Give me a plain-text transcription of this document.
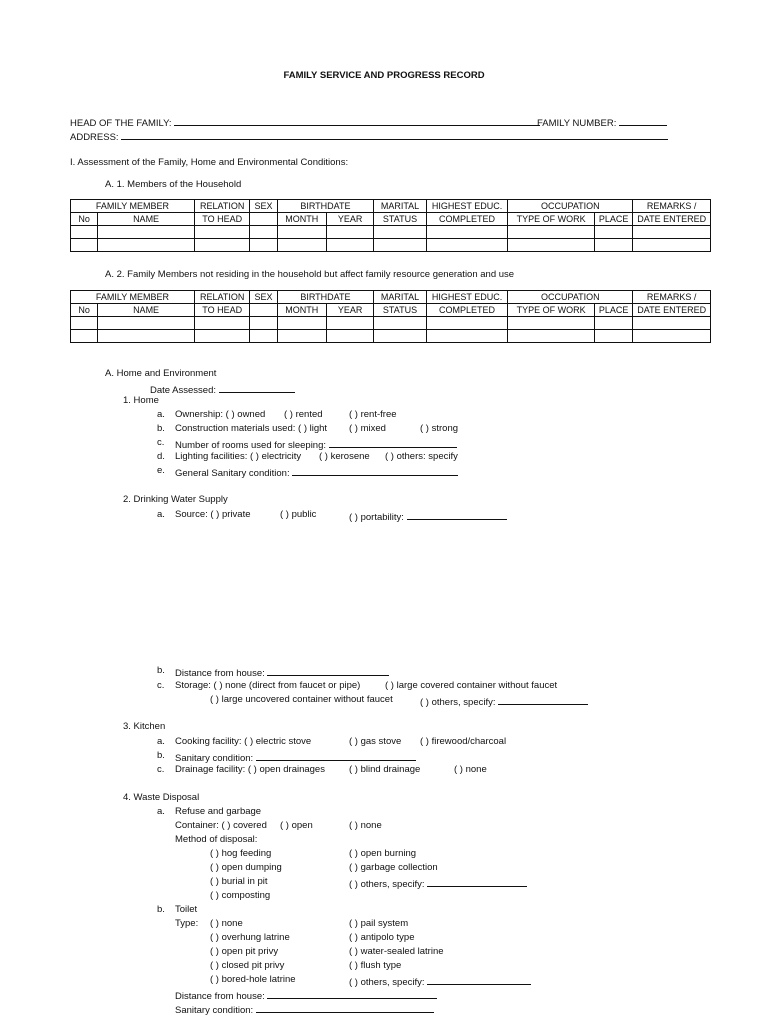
FAMILY SERVICE AND PROGRESS RECORD
HEAD OF THE FAMILY:	FAMILY NUMBER:
ADDRESS:
I. Assessment of the Family, Home and Environmental Conditions:
A. 1. Members of the Household
FAMILY MEMBER		RELATION	SEX	BIRTHDATE		MARITAL	HIGHEST EDUC.	OCCUPATION		REMARKS /
No	NAME	TO HEAD		MONTH	YEAR	STATUS	COMPLETED	TYPE OF WORK	PLACE	DATE ENTERED

A. 2. Family Members not residing in the household but affect family resource generation and use
FAMILY MEMBER		RELATION	SEX	BIRTHDATE		MARITAL	HIGHEST EDUC.	OCCUPATION		REMARKS /
No	NAME	TO HEAD		MONTH	YEAR	STATUS	COMPLETED	TYPE OF WORK	PLACE	DATE ENTERED

A. Home and Environment
Date Assessed:
1. Home
a. Ownership: ( ) owned ( ) rented	( ) rent-free
b. Construction materials used: ( ) light ( ) mixed	( ) strong
c. Number of rooms used for sleeping:
d. Lighting facilities: ( ) electricity ( ) kerosene ( ) others: specify
e. General Sanitary condition:
2. Drinking Water Supply
a. Source: ( ) private	( ) public	( ) portability:
b. Distance from house:
c. Storage: ( ) none (direct from faucet or pipe)	( ) large covered container without faucet
( ) large uncovered container without faucet	( ) others, specify:
3. Kitchen
a. Cooking facility: ( ) electric stove	( ) gas stove ( ) firewood/charcoal
b. Sanitary condition:
c. Drainage facility: ( ) open drainages	( ) blind drainage	( ) none
4. Waste Disposal
a. Refuse and garbage
Container: ( ) covered ( ) open	( ) none
Method of disposal:
( ) hog feeding	( ) open burning
( ) open dumping	( ) garbage collection
( ) burial in pit	( ) others, specify:
( ) composting
b. Toilet
Type: ( ) none	( ) pail system
( ) overhung latrine	( ) antipolo type
( ) open pit privy	( ) water-sealed latrine
( ) closed pit privy	( ) flush type
( ) bored-hole latrine	( ) others, specify:
Distance from house:
Sanitary condition:
